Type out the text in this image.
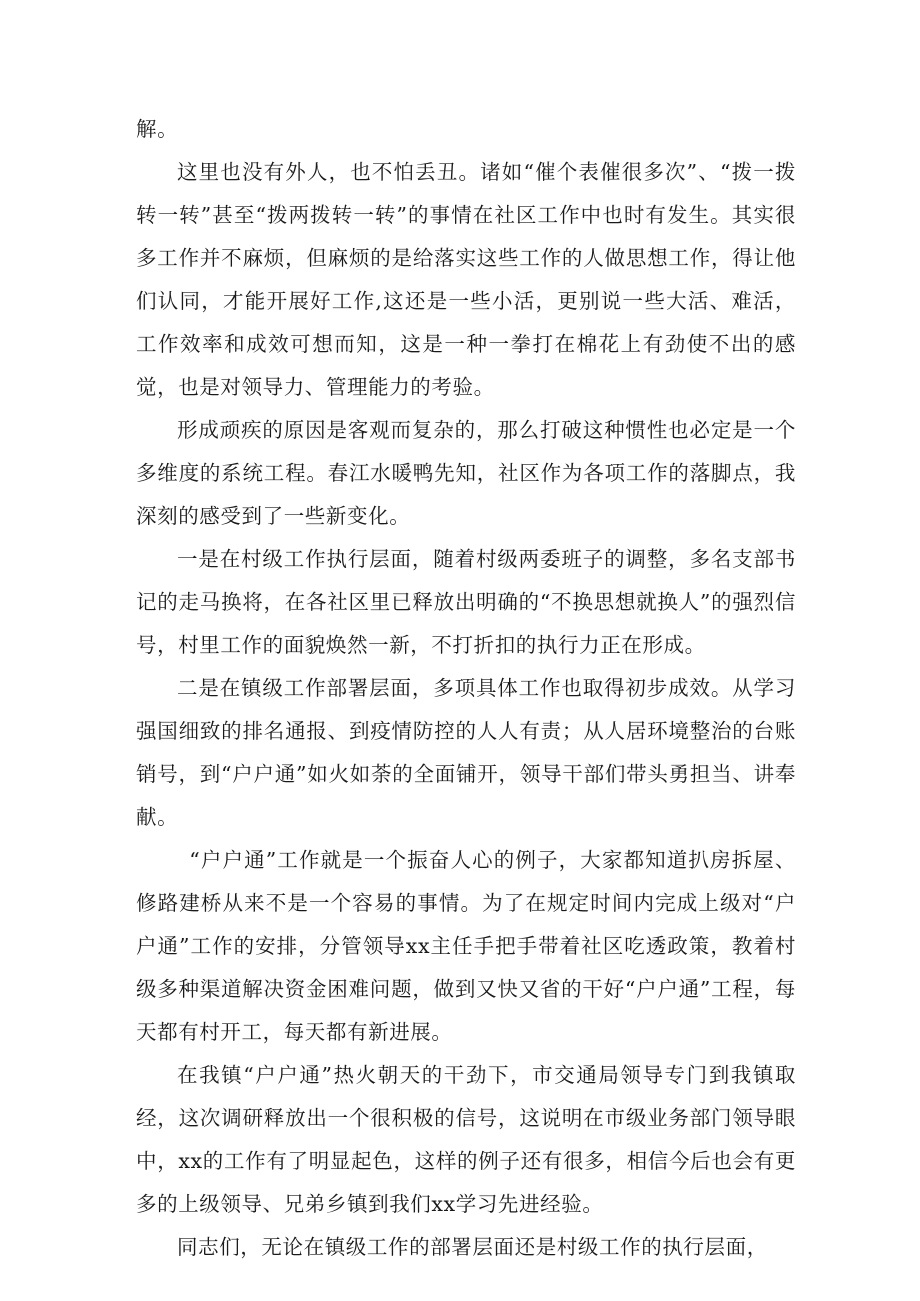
解。

这里也没有外人，也不怕丢丑。诸如“催个表催很多次”、“拨一拨转一转”甚至“拨两拨转一转”的事情在社区工作中也时有发生。其实很多工作并不麻烦，但麻烦的是给落实这些工作的人做思想工作，得让他们认同，才能开展好工作,这还是一些小活，更别说一些大活、难活，工作效率和成效可想而知，这是一种一拳打在棉花上有劲使不出的感觉，也是对领导力、管理能力的考验。

形成顽疾的原因是客观而复杂的，那么打破这种惯性也必定是一个多维度的系统工程。春江水暖鸭先知，社区作为各项工作的落脚点，我深刻的感受到了一些新变化。

一是在村级工作执行层面，随着村级两委班子的调整，多名支部书记的走马换将，在各社区里已释放出明确的“不换思想就换人”的强烈信号，村里工作的面貌焕然一新，不打折扣的执行力正在形成。

二是在镇级工作部署层面，多项具体工作也取得初步成效。从学习强国细致的排名通报、到疫情防控的人人有责；从人居环境整治的台账销号，到“户户通”如火如荼的全面铺开，领导干部们带头勇担当、讲奉献。

“户户通”工作就是一个振奋人心的例子，大家都知道扒房拆屋、修路建桥从来不是一个容易的事情。为了在规定时间内完成上级对“户户通”工作的安排，分管领导xx主任手把手带着社区吃透政策，教着村级多种渠道解决资金困难问题，做到又快又省的干好“户户通”工程，每天都有村开工，每天都有新进展。

在我镇“户户通”热火朝天的干劲下，市交通局领导专门到我镇取经，这次调研释放出一个很积极的信号，这说明在市级业务部门领导眼中，xx的工作有了明显起色，这样的例子还有很多，相信今后也会有更多的上级领导、兄弟乡镇到我们xx学习先进经验。

同志们，无论在镇级工作的部署层面还是村级工作的执行层面，
